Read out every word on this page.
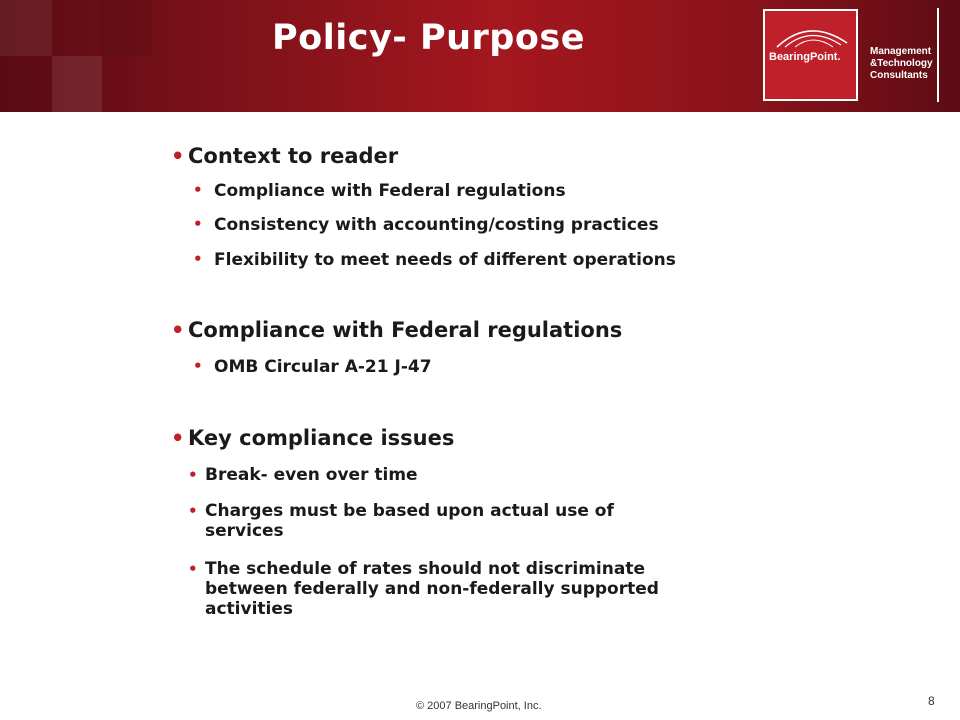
Policy- Purpose	BearingPoint.	Management
&Technology
Consultants
• Context to reader
• Compliance with Federal regulations
• Consistency with accounting/costing practices
• Flexibility to meet needs of different operations
• Compliance with Federal regulations
• OMB Circular A-21 J-47
• Key compliance issues
• Break- even over time
• Charges must be based upon actual use of
services
• The schedule of rates should not discriminate
between federally and non-federally supported
activities
© 2007 BearingPoint, Inc.	8
